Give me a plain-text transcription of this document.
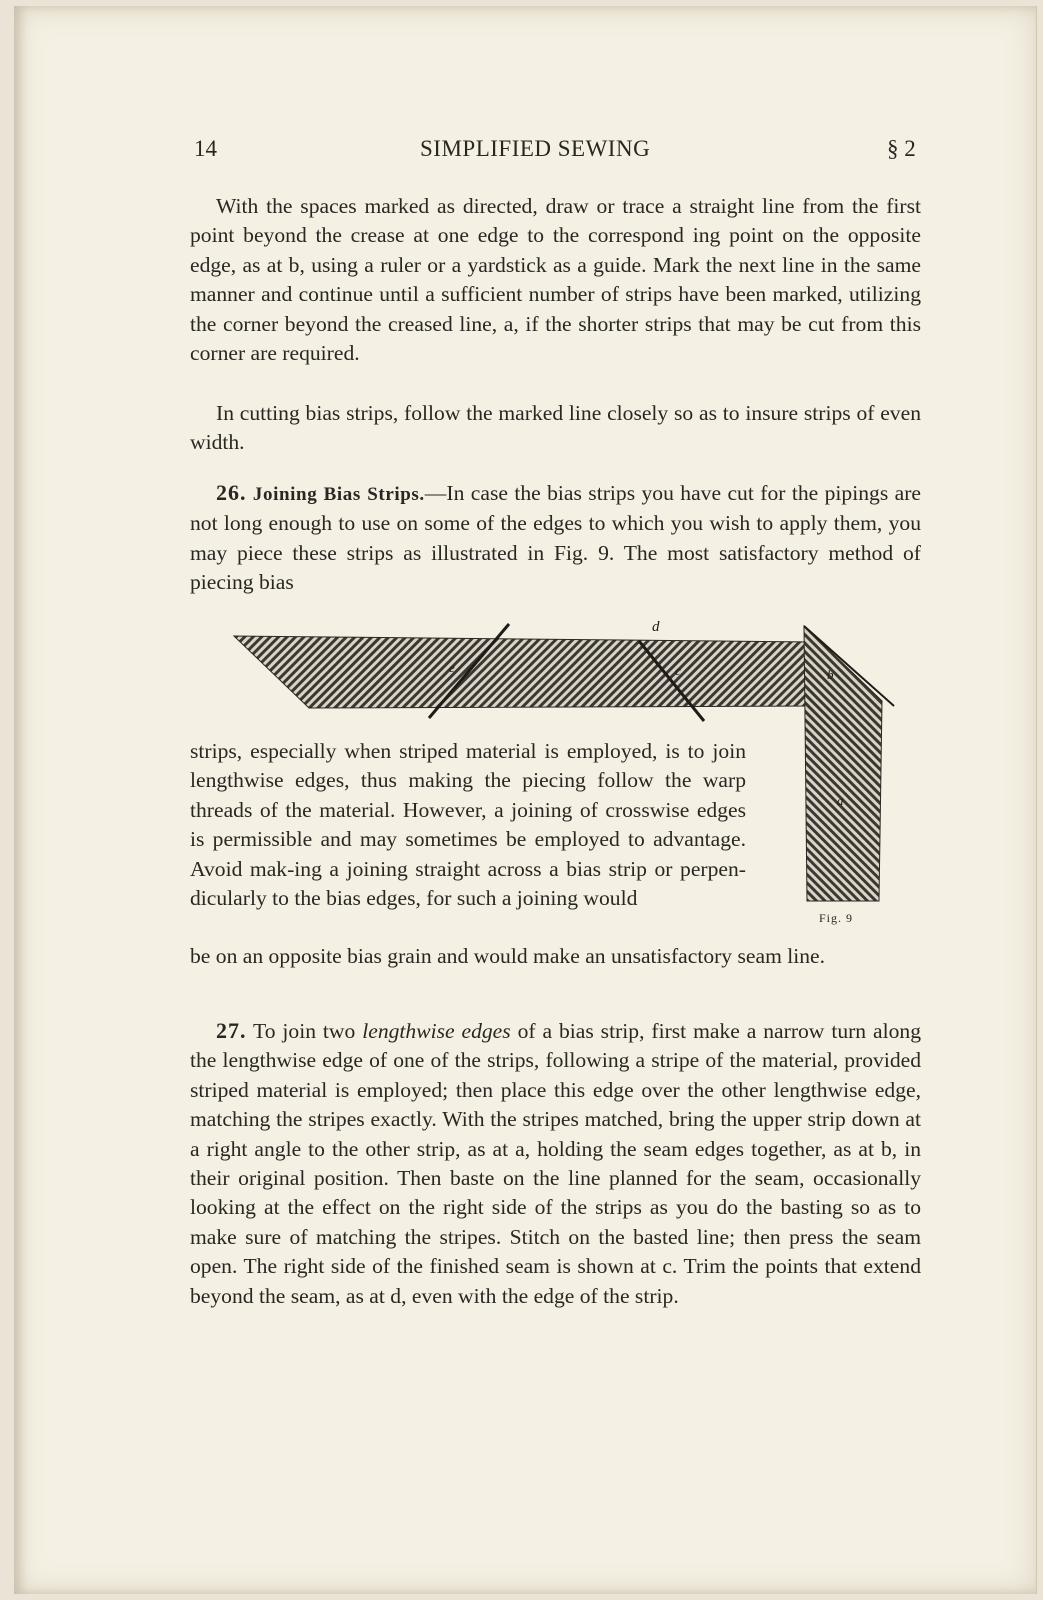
14	SIMPLIFIED SEWING	§ 2

With the spaces marked as directed, draw or trace a straight line from the first point beyond the crease at one edge to the correspond ing point on the opposite edge, as at b, using a ruler or a yardstick as a guide. Mark the next line in the same manner and continue until a sufficient number of strips have been marked, utilizing the corner beyond the creased line, a, if the shorter strips that may be cut from this corner are required.

In cutting bias strips, follow the marked line closely so as to insure strips of even width.

26. Joining Bias Strips.—In case the bias strips you have cut for the pipings are not long enough to use on some of the edges to which you wish to apply them, you may piece these strips as illustrated in Fig. 9. The most satisfactory method of piecing bias

e
d
c	b
a

strips, especially when striped material is employed, is to join lengthwise edges, thus making the piecing follow the warp threads of the material. However, a joining of crosswise edges is permissible and may sometimes be employed to advantage. Avoid mak-ing a joining straight across a bias strip or perpen-dicularly to the bias edges, for such a joining would

Fig. 9

be on an opposite bias grain and would make an unsatisfactory seam line.

27. To join two lengthwise edges of a bias strip, first make a narrow turn along the lengthwise edge of one of the strips, following a stripe of the material, provided striped material is employed; then place this edge over the other lengthwise edge, matching the stripes exactly. With the stripes matched, bring the upper strip down at a right angle to the other strip, as at a, holding the seam edges together, as at b, in their original position. Then baste on the line planned for the seam, occasionally looking at the effect on the right side of the strips as you do the basting so as to make sure of matching the stripes. Stitch on the basted line; then press the seam open. The right side of the finished seam is shown at c. Trim the points that extend beyond the seam, as at d, even with the edge of the strip.
